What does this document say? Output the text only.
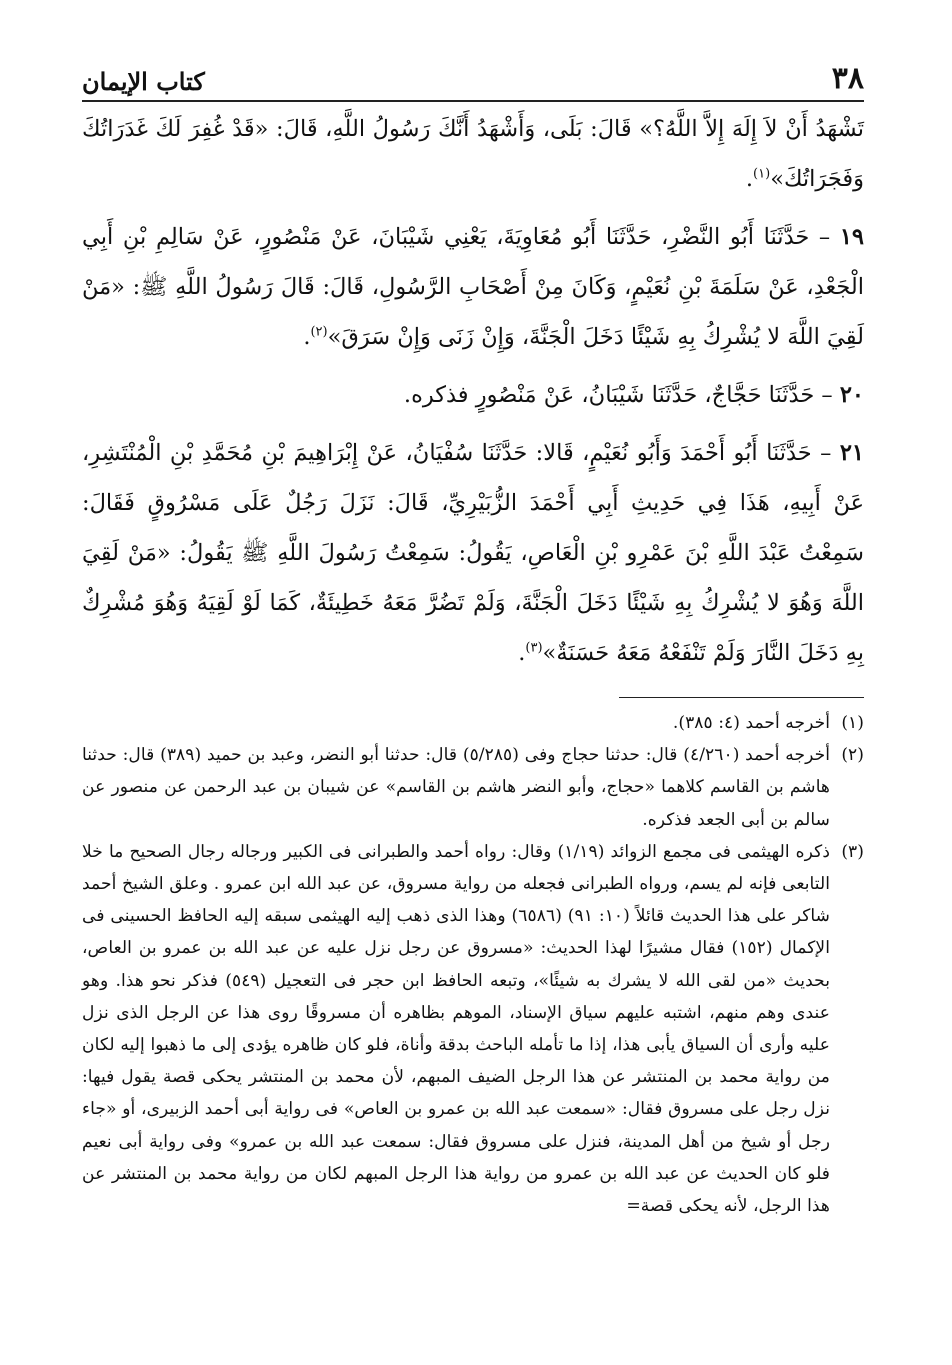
٣٨
كتاب الإيمان

تَشْهَدُ أَنْ لاَ إِلَهَ إِلاَّ اللَّهُ؟» قَالَ: بَلَى، وَأَشْهَدُ أَنَّكَ رَسُولُ اللَّهِ، قَالَ: «قَدْ غُفِرَ لَكَ غَدَرَاتُكَ وَفَجَرَاتُكَ»$^{(١)}$.

١٩ – حَدَّثَنَا أَبُو النَّضْرِ، حَدَّثَنَا أَبُو مُعَاوِيَةَ، يَعْنِي شَيْبَانَ، عَنْ مَنْصُورٍ، عَنْ سَالِمِ بْنِ أَبِي الْجَعْدِ، عَنْ سَلَمَةَ بْنِ نُعَيْمٍ، وَكَانَ مِنْ أَصْحَابِ الرَّسُولِ، قَالَ: قَالَ رَسُولُ اللَّهِ ﷺ: «مَنْ لَقِيَ اللَّهَ لا يُشْرِكُ بِهِ شَيْئًا دَخَلَ الْجَنَّةَ، وَإِنْ زَنَى وَإِنْ سَرَقَ»$^{(٢)}$.

٢٠ – حَدَّثَنَا حَجَّاجٌ، حَدَّثَنَا شَيْبَانُ، عَنْ مَنْصُورٍ فذكره.

٢١ – حَدَّثَنَا أَبُو أَحْمَدَ وَأَبُو نُعَيْمٍ، قَالا: حَدَّثَنَا سُفْيَانُ، عَنْ إِبْرَاهِيمَ بْنِ مُحَمَّدِ بْنِ الْمُنْتَشِرِ، عَنْ أَبِيهِ، هَذَا فِي حَدِيثِ أَبِي أَحْمَدَ الزُّبَيْرِيِّ، قَالَ: نَزَلَ رَجُلٌ عَلَى مَسْرُوقٍ فَقَالَ: سَمِعْتُ عَبْدَ اللَّهِ بْنَ عَمْرِو بْنِ الْعَاصِ، يَقُولُ: سَمِعْتُ رَسُولَ اللَّهِ ﷺ يَقُولُ: «مَنْ لَقِيَ اللَّهَ وَهُوَ لا يُشْرِكُ بِهِ شَيْئًا دَخَلَ الْجَنَّةَ، وَلَمْ تَضُرَّ مَعَهُ خَطِيئَةٌ، كَمَا لَوْ لَقِيَهُ وَهُوَ مُشْرِكٌ بِهِ دَخَلَ النَّارَ وَلَمْ تَنْفَعْهُ مَعَهُ حَسَنَةٌ»$^{(٣)}$.

(١)
أخرجه أحمد (٤: ٣٨٥).
(٢)
أخرجه أحمد (٤/٢٦٠) قال: حدثنا حجاج وفى (٥/٢٨٥) قال: حدثنا أبو النضر، وعبد بن حميد (٣٨٩) قال: حدثنا هاشم بن القاسم كلاهما «حجاج، وأبو النضر هاشم بن القاسم» عن شيبان بن عبد الرحمن عن منصور عن سالم بن أبى الجعد فذكره.
(٣)
ذكره الهيثمى فى مجمع الزوائد (١/١٩) وقال: رواه أحمد والطبرانى فى الكبير ورجاله رجال الصحيح ما خلا التابعى فإنه لم يسم، ورواه الطبرانى فجعله من رواية مسروق، عن عبد الله ابن عمرو . وعلق الشيخ أحمد شاكر على هذا الحديث قائلاً (١٠: ٩١) (٦٥٨٦) وهذا الذى ذهب إليه الهيثمى سبقه إليه الحافظ الحسينى فى الإكمال (١٥٢) فقال مشيرًا لهذا الحديث: «مسروق عن رجل نزل عليه عن عبد الله بن عمرو بن العاص، بحديث «من لقى الله لا يشرك به شيئًا»، وتبعه الحافظ ابن حجر فى التعجيل (٥٤٩) فذكر نحو هذا. وهو عندى وهم منهم، اشتبه عليهم سياق الإسناد، الموهم بظاهره أن مسروقًا روى هذا عن الرجل الذى نزل عليه وأرى أن السياق يأبى هذا، إذا ما تأمله الباحث بدقة وأناة، فلو كان ظاهره يؤدى إلى ما ذهبوا إليه لكان من رواية محمد بن المنتشر عن هذا الرجل الضيف المبهم، لأن محمد بن المنتشر يحكى قصة يقول فيها: نزل رجل على مسروق فقال: «سمعت عبد الله بن عمرو بن العاص» فى رواية أبى أحمد الزبيرى، أو «جاء رجل أو شيخ من أهل المدينة، فنزل على مسروق فقال: سمعت عبد الله بن عمرو» وفى رواية أبى نعيم فلو كان الحديث عن عبد الله بن عمرو من رواية هذا الرجل المبهم لكان من رواية محمد بن المنتشر عن هذا الرجل، لأنه يحكى قصة=
